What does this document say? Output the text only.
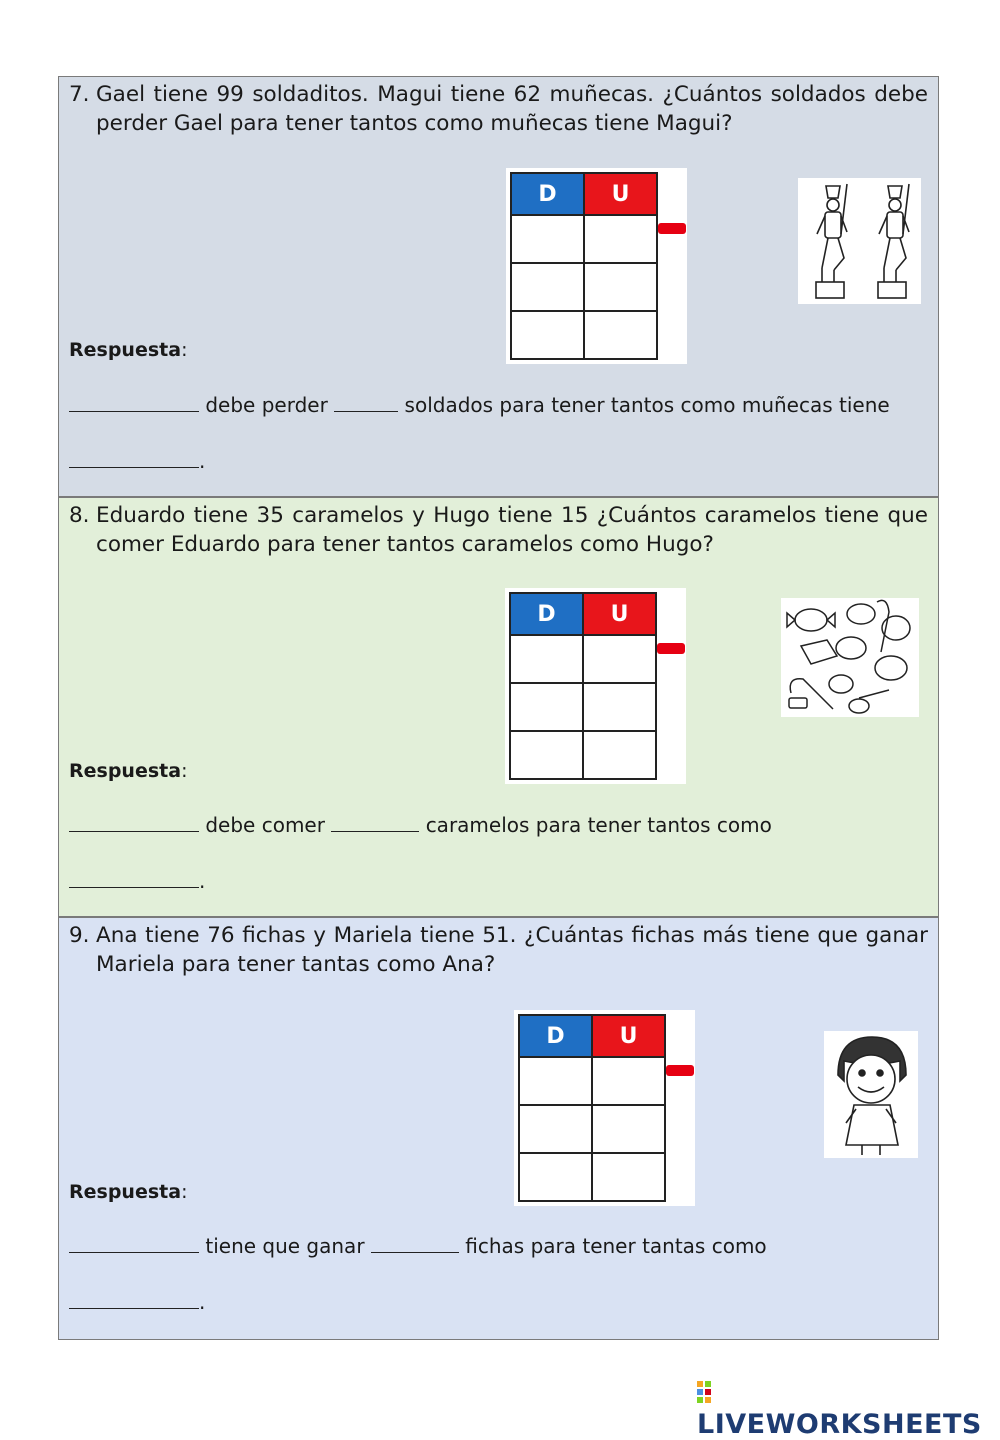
7. Gael tiene 99 soldaditos. Magui tiene 62 muñecas. ¿Cuántos soldados debe perder Gael para tener tantos como muñecas tiene Magui?
D	U

Respuesta:
debe perder	soldados para tener tantos como muñecas tiene
.
8. Eduardo tiene 35 caramelos y Hugo tiene 15 ¿Cuántos caramelos tiene que comer Eduardo para tener tantos caramelos como Hugo?
D	U

Respuesta:
debe comer	caramelos para tener tantos como
.
9. Ana tiene 76 fichas y Mariela tiene 51. ¿Cuántas fichas más tiene que ganar Mariela para tener tantas como Ana?
D	U

Respuesta:
tiene que ganar	fichas para tener tantas como
.
LIVEWORKSHEETS
